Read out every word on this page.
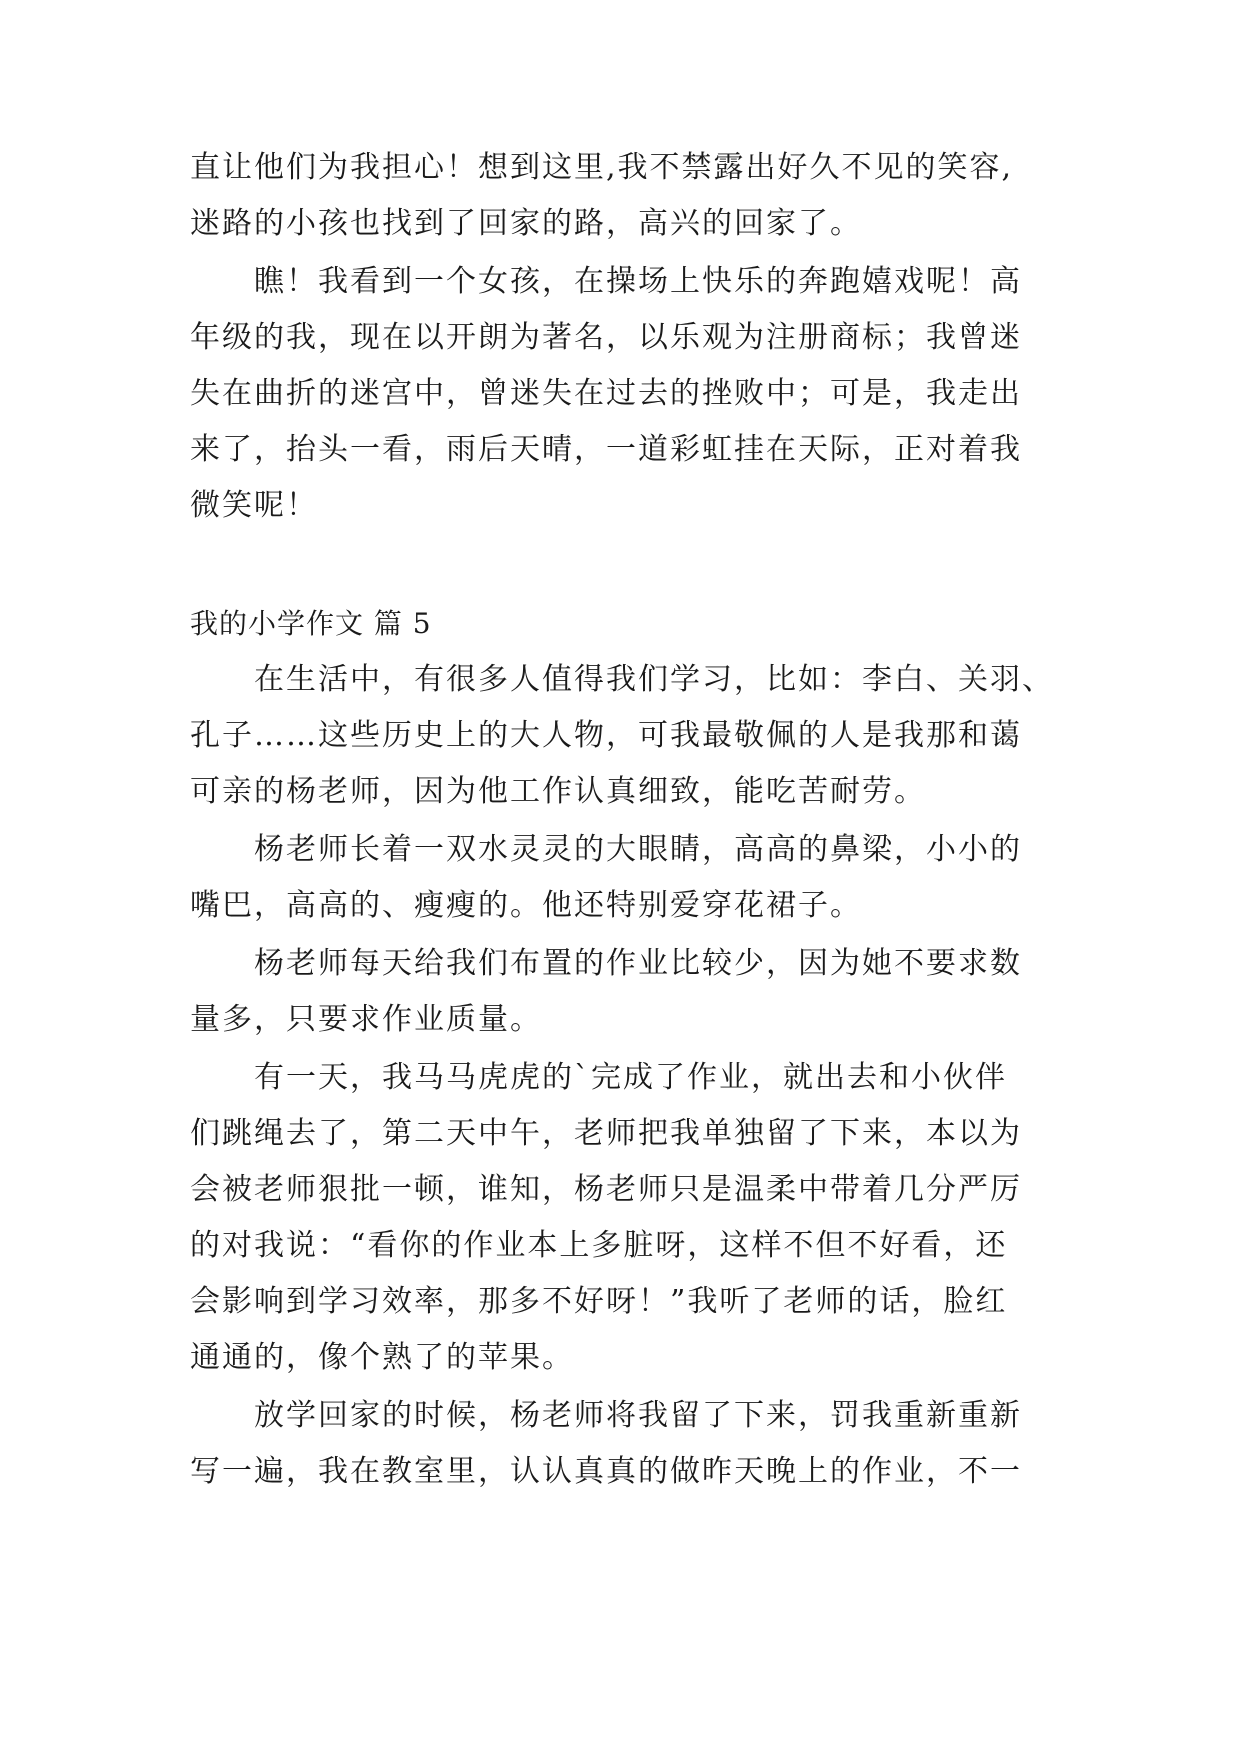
直让他们为我担心！想到这里,我不禁露出好久不见的笑容,
迷路的小孩也找到了回家的路，高兴的回家了。
　　瞧！我看到一个女孩，在操场上快乐的奔跑嬉戏呢！高
年级的我，现在以开朗为著名，以乐观为注册商标；我曾迷
失在曲折的迷宫中，曾迷失在过去的挫败中；可是，我走出
来了，抬头一看，雨后天晴，一道彩虹挂在天际，正对着我
微笑呢！
我的小学作文 篇 5
　　在生活中，有很多人值得我们学习，比如：李白、关羽、
孔子……这些历史上的大人物，可我最敬佩的人是我那和蔼
可亲的杨老师，因为他工作认真细致，能吃苦耐劳。
　　杨老师长着一双水灵灵的大眼睛，高高的鼻梁，小小的
嘴巴，高高的、瘦瘦的。他还特别爱穿花裙子。
　　杨老师每天给我们布置的作业比较少，因为她不要求数
量多，只要求作业质量。
　　有一天，我马马虎虎的`完成了作业，就出去和小伙伴
们跳绳去了，第二天中午，老师把我单独留了下来，本以为
会被老师狠批一顿，谁知，杨老师只是温柔中带着几分严厉
的对我说：“看你的作业本上多脏呀，这样不但不好看，还
会影响到学习效率，那多不好呀！”我听了老师的话，脸红
通通的，像个熟了的苹果。
　　放学回家的时候，杨老师将我留了下来，罚我重新重新
写一遍，我在教室里，认认真真的做昨天晚上的作业，不一
